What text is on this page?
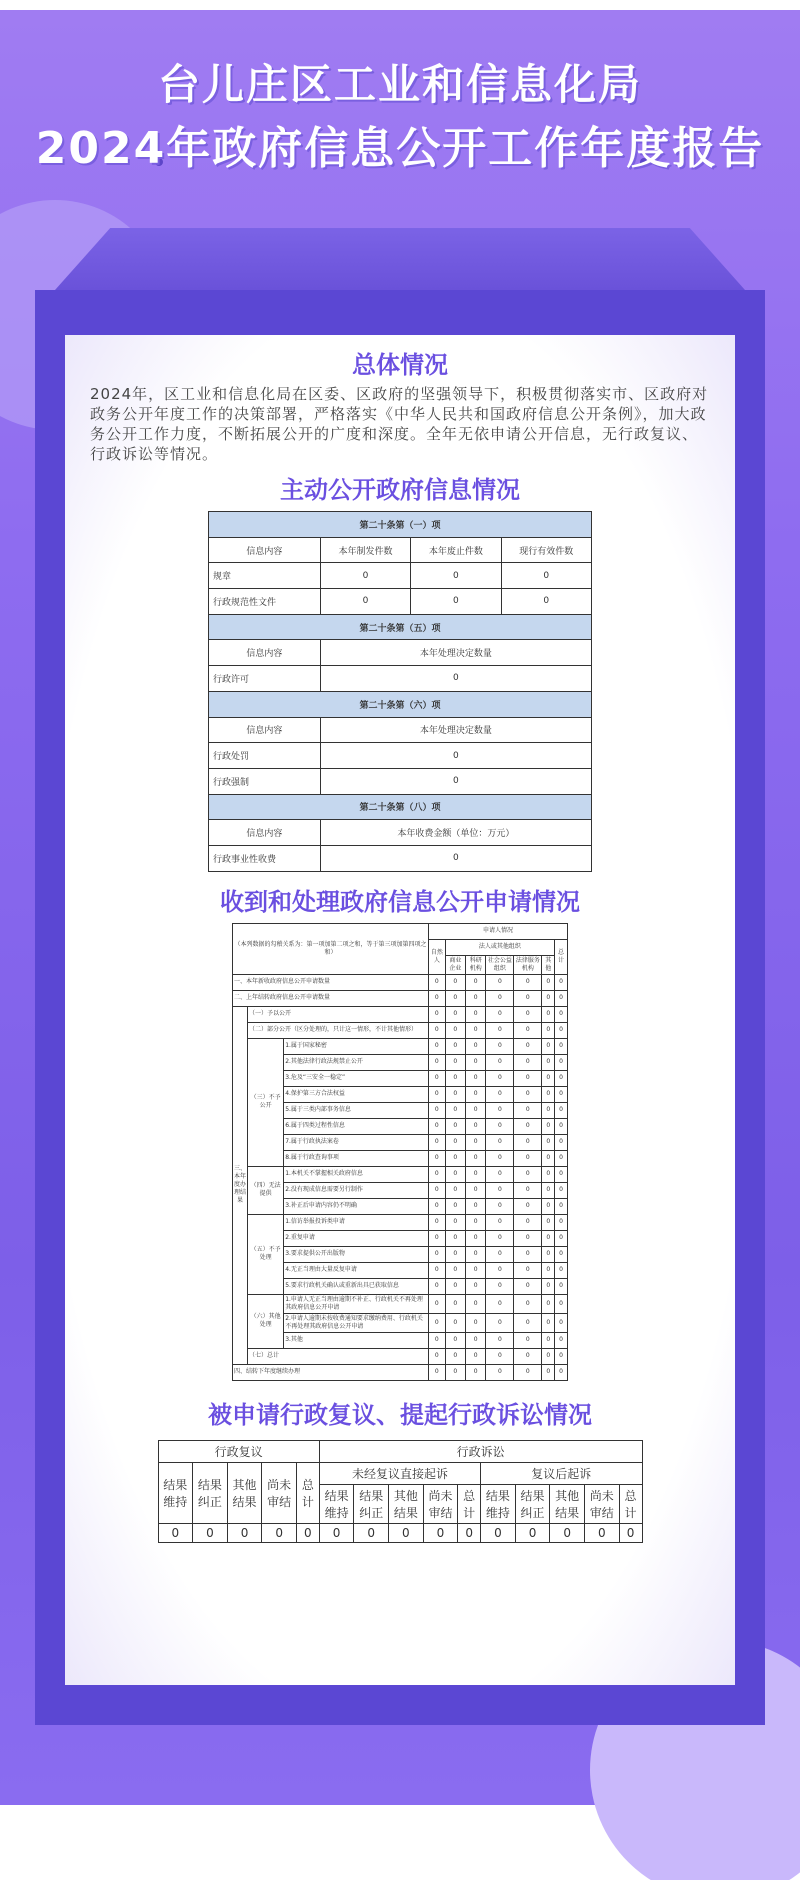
台儿庄区工业和信息化局
2024年政府信息公开工作年度报告
总体情况

2024年，区工业和信息化局在区委、区政府的坚强领导下，积极贯彻落实市、区政府对政务公开年度工作的决策部署，严格落实《中华人民共和国政府信息公开条例》，加大政务公开工作力度，不断拓展公开的广度和深度。全年无依申请公开信息，无行政复议、行政诉讼等情况。

主动公开政府信息情况
第二十条第（一）项			
信息内容	本年制发件数	本年废止件数	现行有效件数
规章	0	0	0
行政规范性文件	0	0	0
第二十条第（五）项			
信息内容	本年处理决定数量		
行政许可	0		
第二十条第（六）项			
信息内容	本年处理决定数量		
行政处罚	0		
行政强制	0		
第二十条第（八）项			
信息内容	本年收费金额（单位：万元）		
行政事业性收费	0		
收到和处理政府信息公开申请情况
（本列数据的勾稽关系为：第一项加第二项之和，等于第三项加第四项之和）			申请人情况						
			自然人	法人或其他组织					总计
				商业企业	科研机构	社会公益组织	法律服务机构	其他	
一、本年新收政府信息公开申请数量			0	0	0	0	0	0	0
二、上年结转政府信息公开申请数量			0	0	0	0	0	0	0
三、本年度办理结果	（一）予以公开		0	0	0	0	0	0	0
	（二）部分公开（区分处理的，只计这一情形，不计其他情形）		0	0	0	0	0	0	0
	（三）不予公开	1.属于国家秘密	0	0	0	0	0	0	0
		2.其他法律行政法规禁止公开	0	0	0	0	0	0	0
		3.危及“三安全一稳定”	0	0	0	0	0	0	0
		4.保护第三方合法权益	0	0	0	0	0	0	0
		5.属于三类内部事务信息	0	0	0	0	0	0	0
		6.属于四类过程性信息	0	0	0	0	0	0	0
		7.属于行政执法案卷	0	0	0	0	0	0	0
		8.属于行政查询事项	0	0	0	0	0	0	0
	（四）无法提供	1.本机关不掌握相关政府信息	0	0	0	0	0	0	0
		2.没有现成信息需要另行制作	0	0	0	0	0	0	0
		3.补正后申请内容仍不明确	0	0	0	0	0	0	0
	（五）不予处理	1.信访举报投诉类申请	0	0	0	0	0	0	0
		2.重复申请	0	0	0	0	0	0	0
		3.要求提供公开出版物	0	0	0	0	0	0	0
		4.无正当理由大量反复申请	0	0	0	0	0	0	0
		5.要求行政机关确认或重新出具已获取信息	0	0	0	0	0	0	0
	（六）其他处理	1.申请人无正当理由逾期不补正、行政机关不再处理其政府信息公开申请	0	0	0	0	0	0	0
		2.申请人逾期未按收费通知要求缴纳费用、行政机关不再处理其政府信息公开申请	0	0	0	0	0	0	0
		3.其他	0	0	0	0	0	0	0
	（七）总计		0	0	0	0	0	0	0
四、结转下年度继续办理			0	0	0	0	0	0	0
被申请行政复议、提起行政诉讼情况
行政复议					行政诉讼									
结果维持	结果纠正	其他结果	尚未审结	总计	未经复议直接起诉					复议后起诉				
					结果维持	结果纠正	其他结果	尚未审结	总计	结果维持	结果纠正	其他结果	尚未审结	总计
0	0	0	0	0	0	0	0	0	0	0	0	0	0	0
